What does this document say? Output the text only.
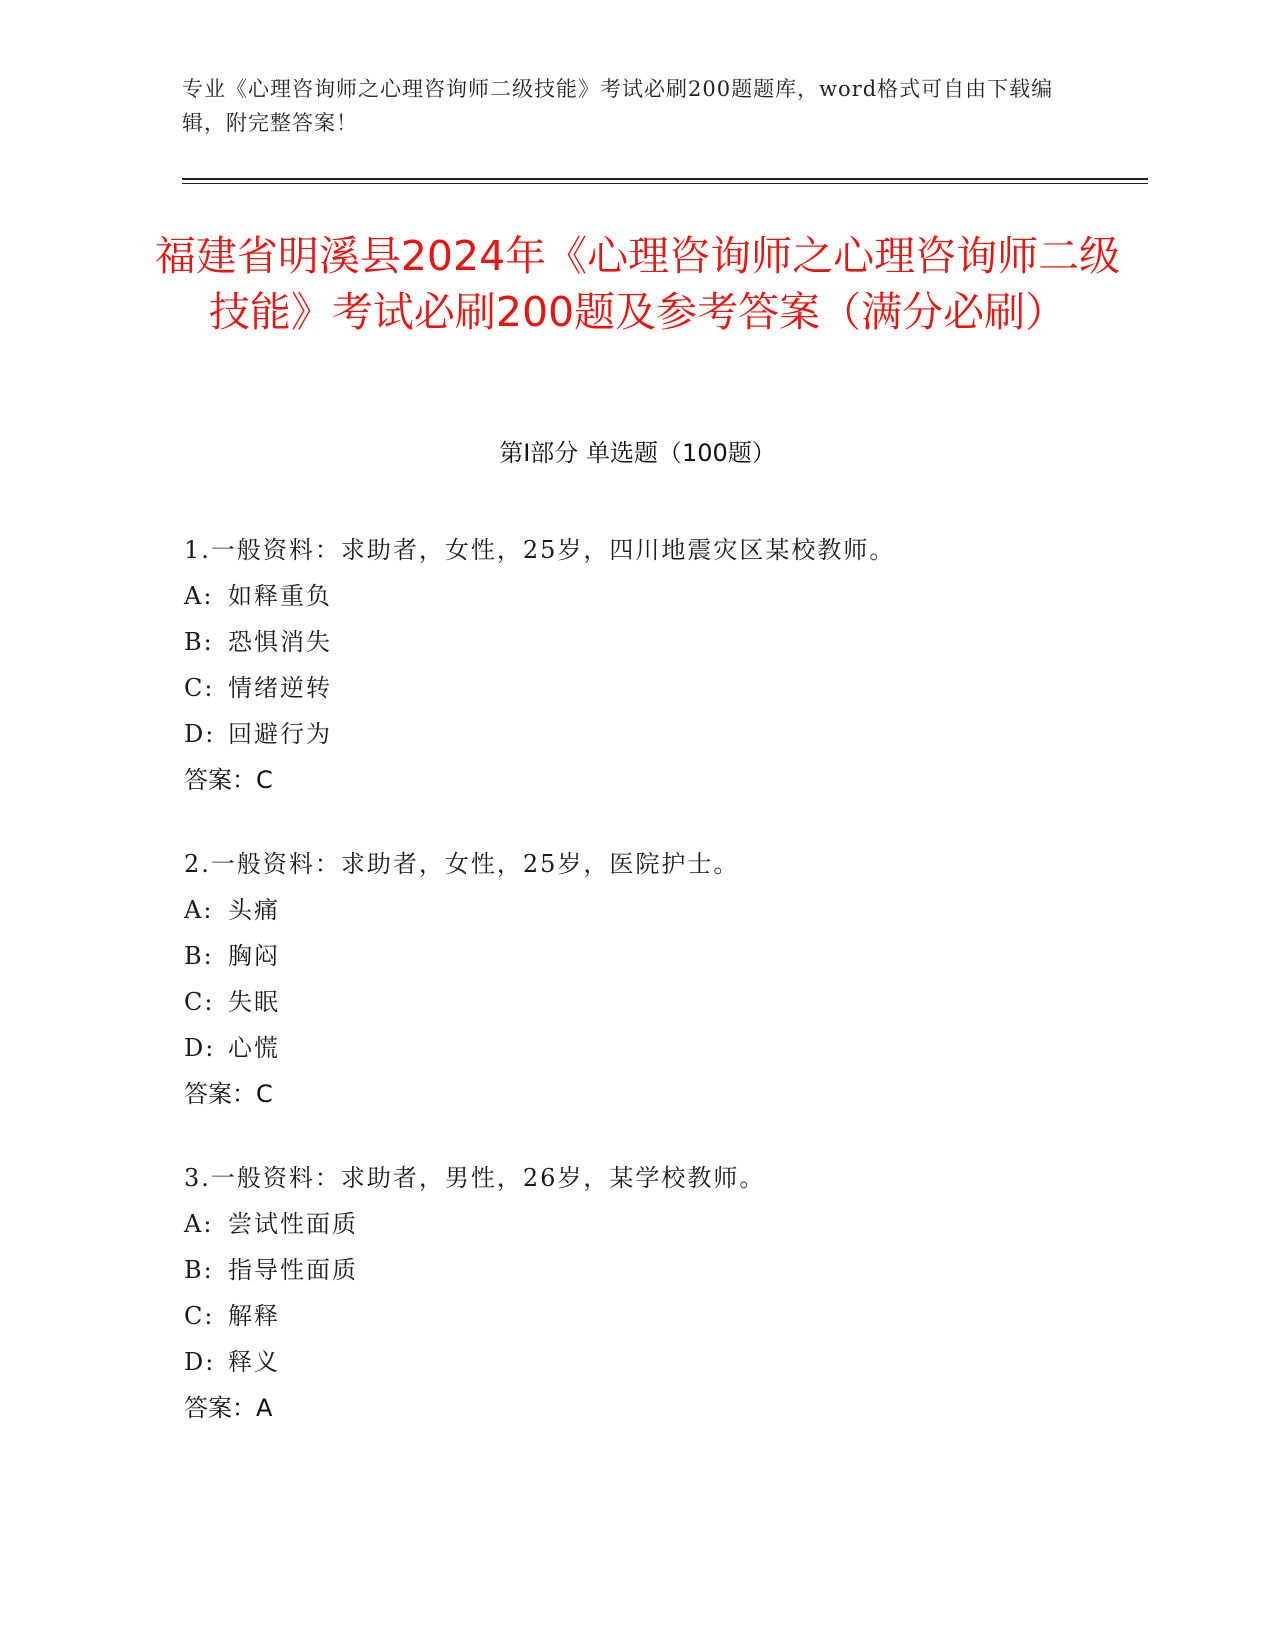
专业《心理咨询师之心理咨询师二级技能》考试必刷200题题库，word格式可自由下载编辑，附完整答案！
福建省明溪县2024年《心理咨询师之心理咨询师二级技能》考试必刷200题及参考答案（满分必刷）
第Ⅰ部分 单选题（100题）
1.一般资料：求助者，女性，25岁，四川地震灾区某校教师。
A: 如释重负
B: 恐惧消失
C: 情绪逆转
D: 回避行为
答案：C
2.一般资料：求助者，女性，25岁，医院护士。
A: 头痛
B: 胸闷
C: 失眠
D: 心慌
答案：C
3.一般资料：求助者，男性，26岁，某学校教师。
A: 尝试性面质
B: 指导性面质
C: 解释
D: 释义
答案：A
